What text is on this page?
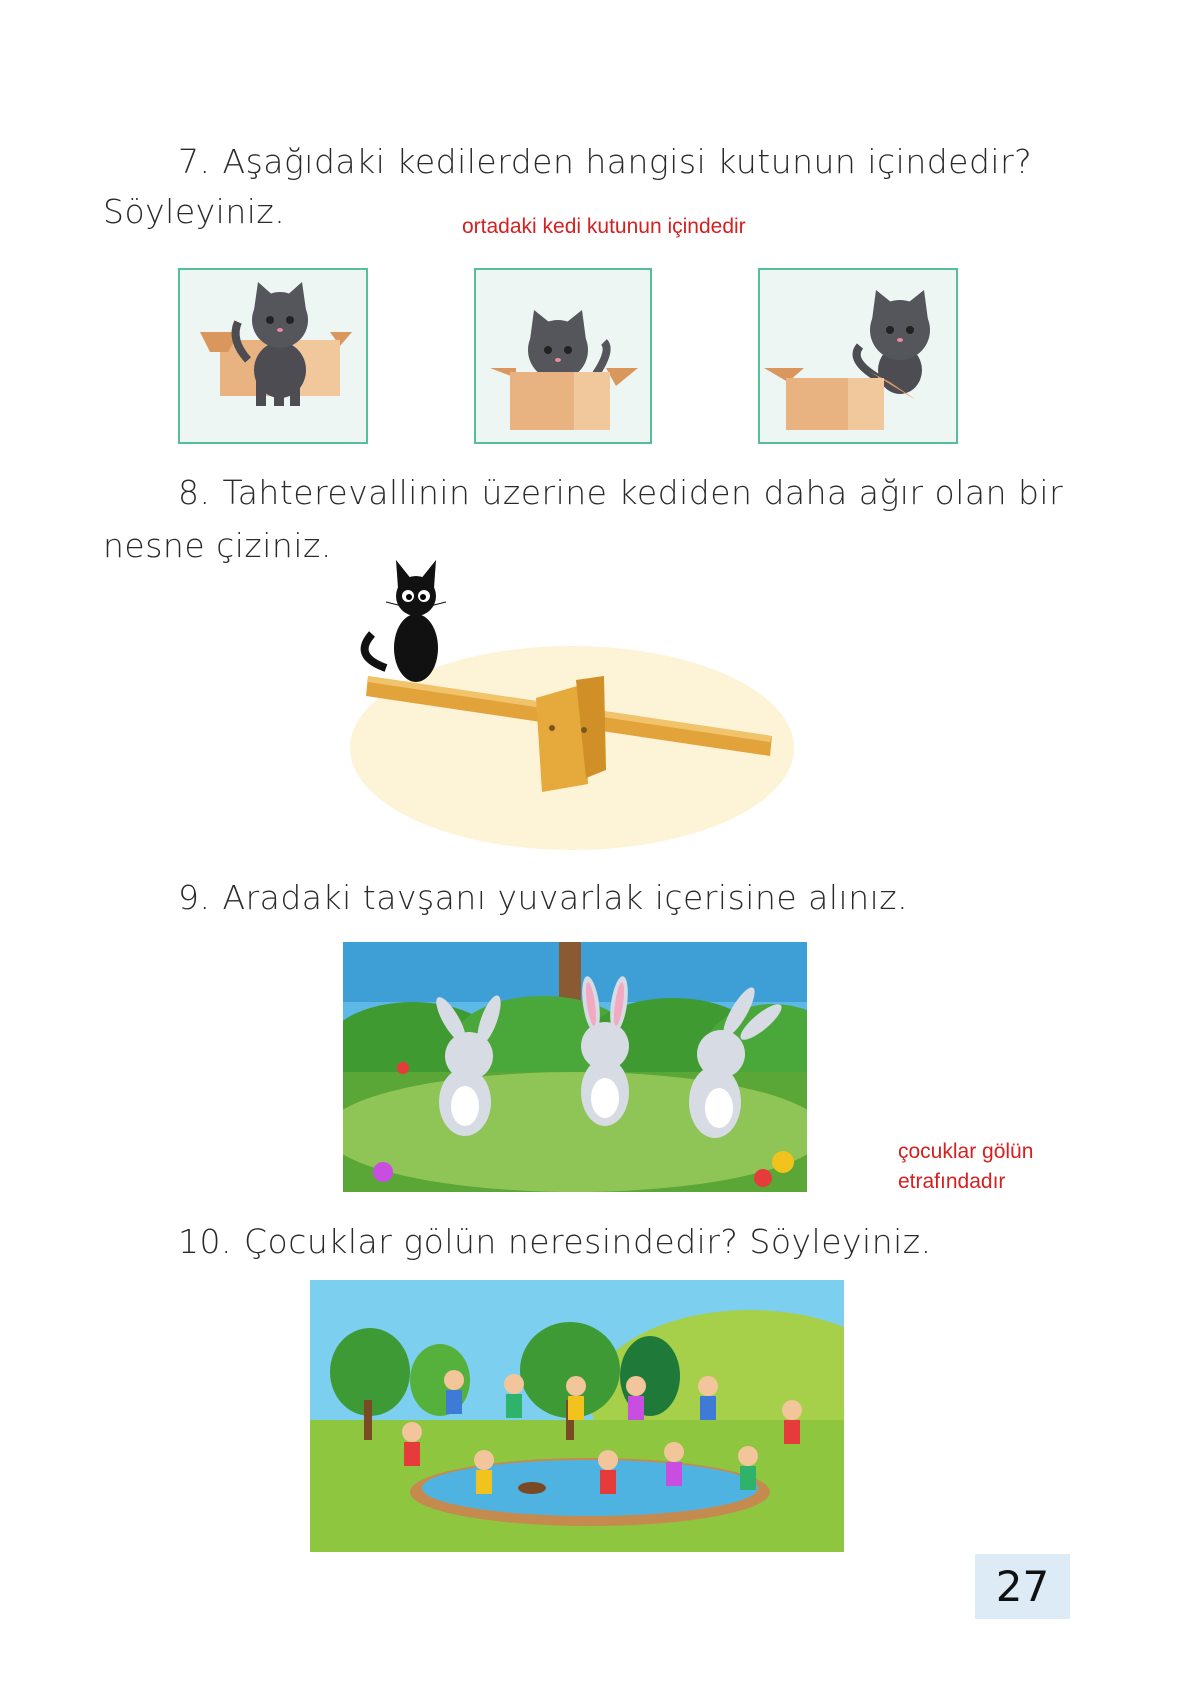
7. Aşağıdaki kedilerden hangisi kutunun içindedir?
Söyleyiniz.	ortadaki kedi kutunun içindedir
8. Tahterevallinin üzerine kediden daha ağır olan bir
nesne çiziniz.
9. Aradaki tavşanı yuvarlak içerisine alınız.
çocuklar gölün
etrafındadır
10. Çocuklar gölün neresindedir? Söyleyiniz.
27
